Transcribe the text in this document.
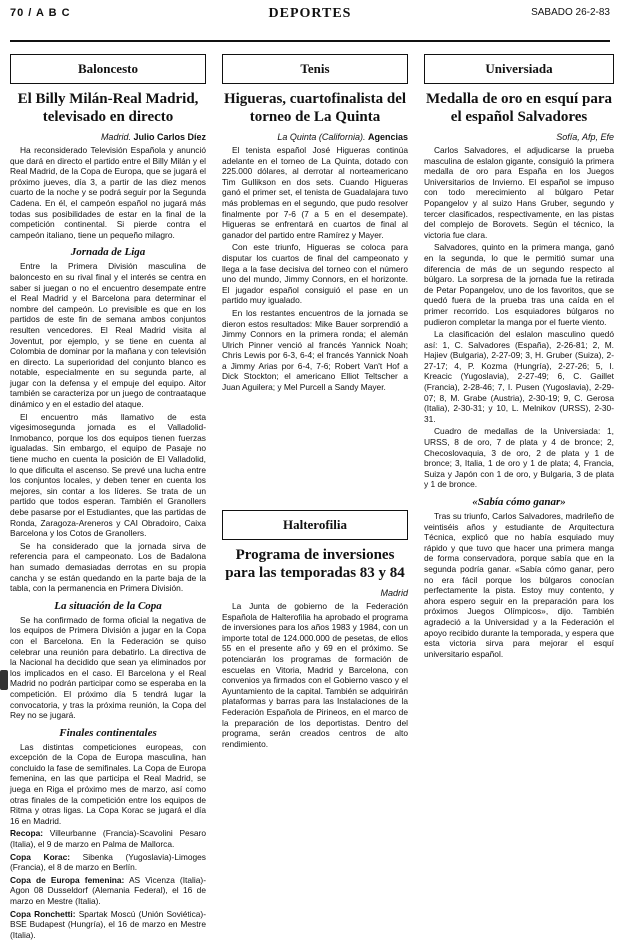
70 / A B C	DEPORTES	SABADO 26-2-83
Baloncesto
El Billy Milán-Real Madrid, televisado en directo
Madrid. Julio Carlos Díez

Ha reconsiderado Televisión Española y anunció que dará en directo el partido entre el Billy Milán y el Real Madrid, de la Copa de Europa, que se jugará el próximo jueves, día 3, a partir de las diez menos cuarto de la noche y se podrá seguir por la Segunda Cadena. En él, el campeón español no jugará más todas sus posibilidades de estar en la final de la competición continental. Si pierde contra el campeón italiano, tiene un pequeño milagro.

Jornada de Liga

Entre la Primera División masculina de baloncesto en su rival final y el interés se centra en saber si juegan o no el encuentro desempate entre el Real Madrid y el Barcelona para determinar el nombre del campeón. Lo previsible es que en los partidos de este fin de semana ambos conjuntos resulten vencedores. El Real Madrid visita al Joventut, por ejemplo, y se tiene en cuenta al Colombia de dominar por la mañana y con televisión en directo. La superioridad del conjunto blanco es notable, especialmente en su segunda parte, al jugar con la defensa y el empuje del equipo. Aitor también se caracteriza por un juego de contraataque dinámico y en el estadio del ataque.

El encuentro más llamativo de esta vigesimosegunda jornada es el Valladolid-Inmobanco, porque los dos equipos tienen fuerzas igualadas. Sin embargo, el equipo de Pasaje no tiene mucho en cuenta la posición de El Valladolid, lo que dificulta el ascenso. Se prevé una lucha entre los conjuntos locales, y deben tener en cuenta los mejores, sin contar a los líderes. Se trata de un partido que todos esperan. También el Granollers debe pasarse por el Estudiantes, que las partidas de Ronda, Zaragoza-Areneros y CAI Obradoiro, Caixa Barcelona y los Cotos de Granollers.

Se ha considerado que la jornada sirva de referencia para el campeonato. Los de Badalona han sumado demasiadas derrotas en su propia cancha y se están quedando en la parte baja de la tabla, con la permanencia en Primera División.

La situación de la Copa

Se ha confirmado de forma oficial la negativa de los equipos de Primera División a jugar en la Copa con el Barcelona. En la Federación se quiso celebrar una reunión para debatirlo. La directiva de la Nacional ha decidido que sean ya eliminados por los implicados en el caso. El Barcelona y el Real Madrid no podrán participar como se esperaba en la competición. El próximo día 5 tendrá lugar la convocatoria, y tras la próxima reunión, la Copa del Rey no se jugará.

Finales continentales

Las distintas competiciones europeas, con excepción de la Copa de Europa masculina, han concluido la fase de semifinales. La Copa de Europa femenina, en las que participa el Real Madrid, se juega en Riga el próximo mes de marzo, así como otras finales de la competición entre los equipos de Ritma y otras ligas. La Copa Korac se jugará el día 16 en Madrid.

Recopa: Villeurbanne (Francia)-Scavolini Pesaro (Italia), el 9 de marzo en Palma de Mallorca.

Copa Korac: Sibenka (Yugoslavia)-Limoges (Francia), el 8 de marzo en Berlín.

Copa de Europa femenina: AS Vicenza (Italia)-Agon 08 Dusseldorf (Alemania Federal), el 16 de marzo en Mestre (Italia).

Copa Ronchetti: Spartak Moscú (Unión Soviética)-BSE Budapest (Hungría), el 16 de marzo en Mestre (Italia).

Tenis
Higueras, cuartofinalista del torneo de La Quinta
La Quinta (California). Agencias

El tenista español José Higueras continúa adelante en el torneo de La Quinta, dotado con 225.000 dólares, al derrotar al norteamericano Tim Gullikson en dos sets. Cuando Higueras ganó el primer set, el tenista de Guadalajara tuvo más problemas en el segundo, que pudo resolver finalmente por 7-6 (7 a 5 en el desempate). Higueras se enfrentará en cuartos de final al ganador del partido entre Ramírez y Mayer.

Con este triunfo, Higueras se coloca para disputar los cuartos de final del campeonato y llega a la fase decisiva del torneo con el número uno del mundo, Jimmy Connors, en el horizonte. El jugador español consiguió el pase en un partido muy igualado.

En los restantes encuentros de la jornada se dieron estos resultados: Mike Bauer sorprendió a Jimmy Connors en la primera ronda; el alemán Ulrich Pinner venció al francés Yannick Noah; Chris Lewis por 6-3, 6-4; el francés Yannick Noah a Jimmy Arias por 6-4, 7-6; Robert Van't Hof a Dick Stockton; el americano Elliot Teltscher a Juan Aguilera; y Mel Purcell a Sandy Mayer.

Halterofilia
Programa de inversiones para las temporadas 83 y 84
Madrid

La Junta de gobierno de la Federación Española de Halterofilia ha aprobado el programa de inversiones para los años 1983 y 1984, con un importe total de 124.000.000 de pesetas, de ellos 55 en el presente año y 69 en el próximo. Se potenciarán los programas de formación de escuelas en Vitoria, Madrid y Barcelona, con convenios ya firmados con el Gobierno vasco y el Ayuntamiento de la capital. También se adquirirán plataformas y barras para las Instalaciones de la Federación Española de Pirineos, en el marco de la preparación de los deportistas. Dentro del programa, serán creados centros de alto rendimiento.

Universiada
Medalla de oro en esquí para el español Salvadores
Sofía, Afp, Efe

Carlos Salvadores, el adjudicarse la prueba masculina de eslalon gigante, consiguió la primera medalla de oro para España en los Juegos Universitarios de Invierno. El español se impuso con todo merecimiento al búlgaro Petar Popangelov y al suizo Hans Gruber, segundo y tercer clasificados, respectivamente, en las pistas del complejo de Borovets. Según el técnico, la victoria fue clara.

Salvadores, quinto en la primera manga, ganó en la segunda, lo que le permitió sumar una diferencia de más de un segundo respecto al búlgaro. La sorpresa de la jornada fue la retirada de Petar Popangelov, uno de los favoritos, que se quedó fuera de la prueba tras una caída en el primer recorrido. Los esquiadores búlgaros no pudieron completar la manga por el fuerte viento.

La clasificación del eslalon masculino quedó así: 1, C. Salvadores (España), 2-26-81; 2, M. Hajiev (Bulgaria), 2-27-09; 3, H. Gruber (Suiza), 2-27-17; 4, P. Kozma (Hungría), 2-27-26; 5, I. Kreacic (Yugoslavia), 2-27-49; 6, C. Gaillet (Francia), 2-28-46; 7, I. Pusen (Yugoslavia), 2-29-07; 8, M. Grabe (Austria), 2-30-19; 9, C. Gerosa (Italia), 2-30-31; y 10, L. Melnikov (URSS), 2-30-31.

Cuadro de medallas de la Universiada: 1, URSS, 8 de oro, 7 de plata y 4 de bronce; 2, Checoslovaquia, 3 de oro, 2 de plata y 1 de bronce; 3, Italia, 1 de oro y 1 de plata; 4, Francia, Suiza y Japón con 1 de oro, y Bulgaria, 3 de plata y 1 de bronce.

«Sabía cómo ganar»

Tras su triunfo, Carlos Salvadores, madrileño de veintiséis años y estudiante de Arquitectura Técnica, explicó que no había esquiado muy rápido y que tuvo que hacer una primera manga de forma conservadora, porque sabía que en la segunda podría ganar. «Sabía cómo ganar, pero no era fácil porque los búlgaros conocían perfectamente la pista. Estoy muy contento, y ahora espero seguir en la preparación para los próximos Juegos Olímpicos», dijo. También agradeció a la Universidad y a la Federación el apoyo recibido durante la temporada, y espera que esta victoria sirva para mejorar el esquí universitario español.
